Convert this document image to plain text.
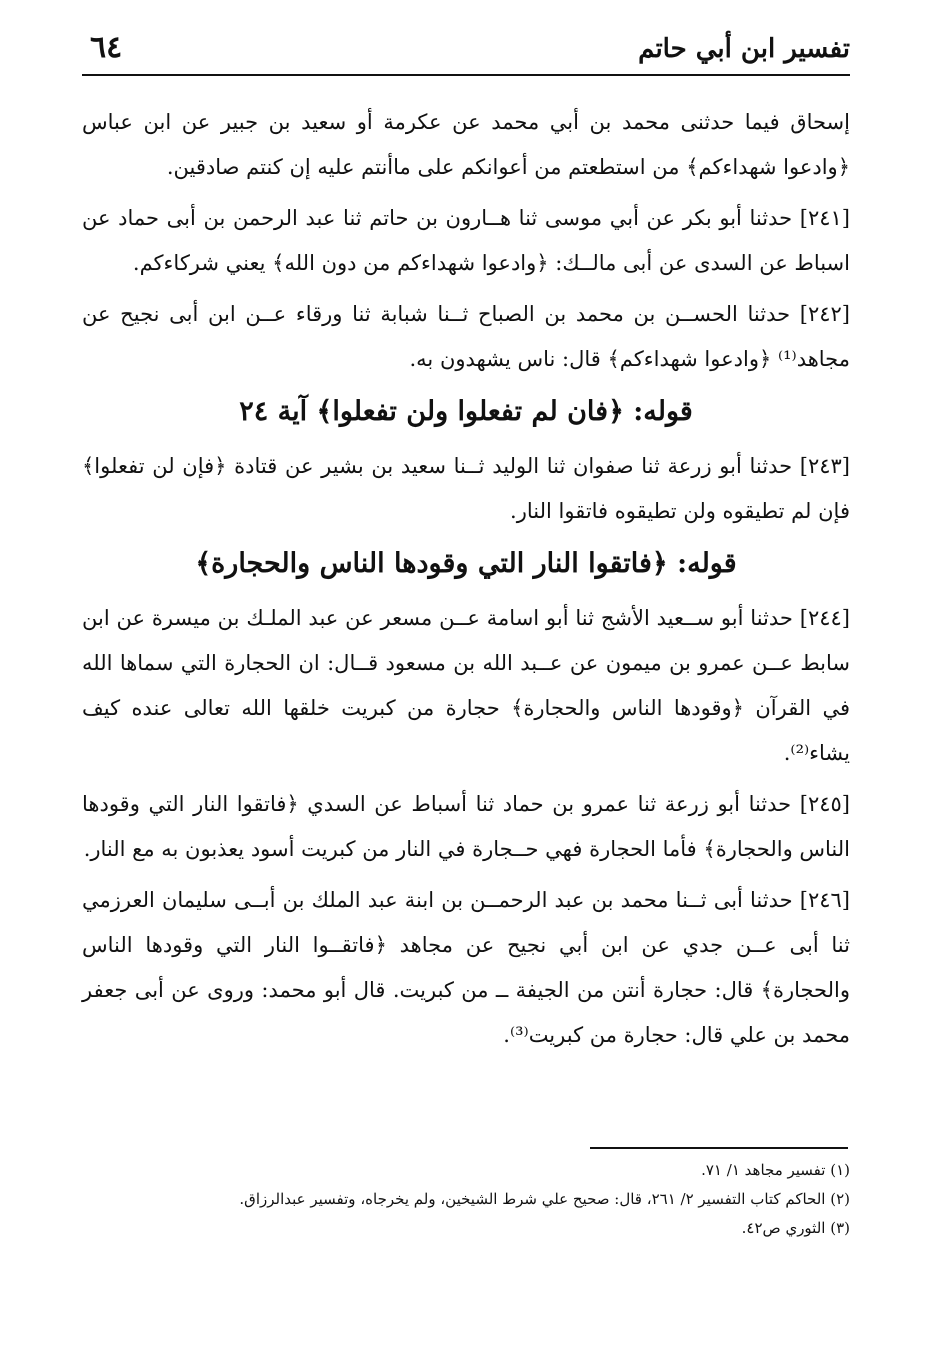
تفسير ابن أبي حاتم
٦٤

إسحاق فيما حدثنى محمد بن أبي محمد عن عكرمة أو سعيد بن جبير عن ابن عباس ﴿وادعوا شهداءكم﴾ من استطعتم من أعوانكم على ماأنتم عليه إن كنتم صادقين.

[٢٤١] حدثنا أبو بكر عن أبي موسى ثنا هــارون بن حاتم ثنا عبد الرحمن بن أبى حماد عن اسباط عن السدى عن أبى مالــك: ﴿وادعوا شهداءكم من دون الله﴾ يعني شركاءكم.

[٢٤٢] حدثنا الحســن بن محمد بن الصباح ثــنا شبابة ثنا ورقاء عــن ابن أبى نجيح عن مجاهد⁽¹⁾ ﴿وادعوا شهداءكم﴾ قال: ناس يشهدون به.

قوله: ﴿فان لم تفعلوا ولن تفعلوا﴾ آية ٢٤

[٢٤٣] حدثنا أبو زرعة ثنا صفوان ثنا الوليد ثــنا سعيد بن بشير عن قتادة ﴿فإن لن تفعلوا﴾ فإن لم تطيقوه ولن تطيقوه فاتقوا النار.

قوله: ﴿فاتقوا النار التي وقودها الناس والحجارة﴾

[٢٤٤] حدثنا أبو ســعيد الأشج ثنا أبو اسامة عــن مسعر عن عبد الملـك بن ميسرة عن ابن سابط عــن عمرو بن ميمون عن عــبد الله بن مسعود قــال: ان الحجارة التي سماها الله في القرآن ﴿وقودها الناس والحجارة﴾ حجارة من كبريت خلقها الله تعالى عنده كيف يشاء⁽²⁾.

[٢٤٥] حدثنا أبو زرعة ثنا عمرو بن حماد ثنا أسباط عن السدي ﴿فاتقوا النار التي وقودها الناس والحجارة﴾ فأما الحجارة فهي حــجارة في النار من كبريت أسود يعذبون به مع النار.

[٢٤٦] حدثنا أبى ثــنا محمد بن عبد الرحمــن بن ابنة عبد الملك بن أبــى سليمان العرزمي ثنا أبى عــن جدي عن ابن أبي نجيح عن مجاهد ﴿فاتقــوا النار التي وقودها الناس والحجارة﴾ قال: حجارة أنتن من الجيفة ــ من كبريت. قال أبو محمد: وروى عن أبى جعفر محمد بن علي قال: حجارة من كبريت⁽³⁾.

(١) تفسير مجاهد ١/ ٧١.
(٢) الحاكم كتاب التفسير ٢/ ٢٦١، قال: صحيح علي شرط الشيخين، ولم يخرجاه، وتفسير عبدالرزاق.
(٣) الثوري ص٤٢.
